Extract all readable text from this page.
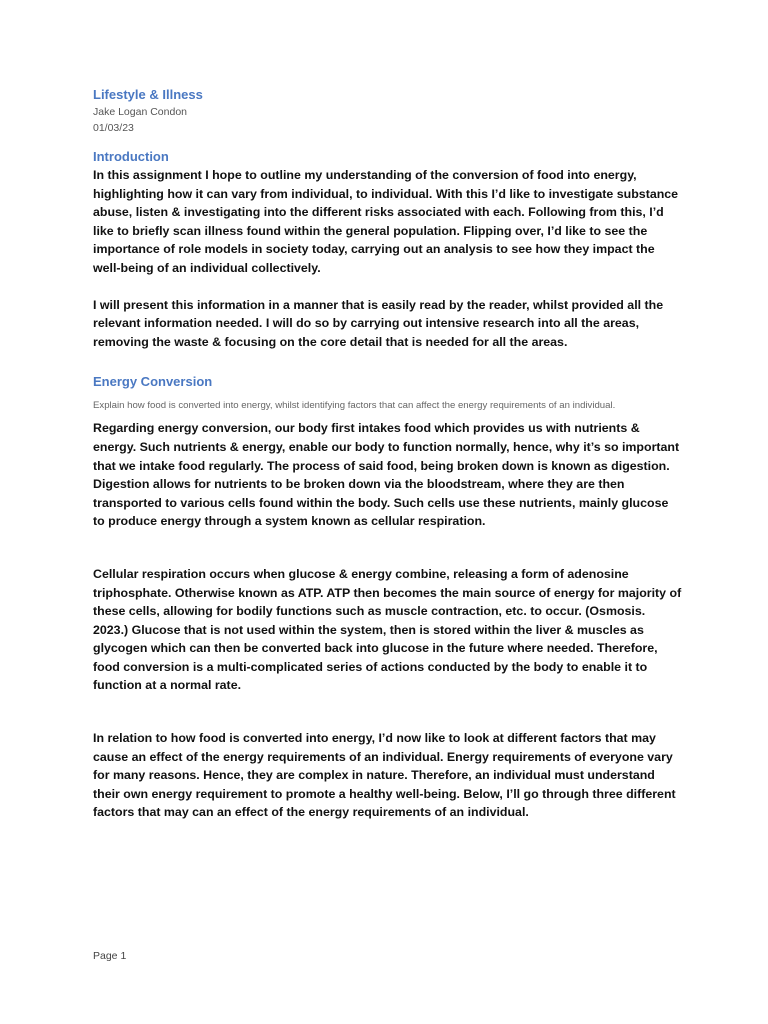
Lifestyle & Illness

Jake Logan Condon

01/03/23

Introduction

In this assignment I hope to outline my understanding of the conversion of food into energy, highlighting how it can vary from individual, to individual. With this I’d like to investigate substance abuse, listen & investigating into the different risks associated with each. Following from this, I’d like to briefly scan illness found within the general population. Flipping over, I’d like to see the importance of role models in society today, carrying out an analysis to see how they impact the well-being of an individual collectively.

I will present this information in a manner that is easily read by the reader, whilst provided all the relevant information needed. I will do so by carrying out intensive research into all the areas, removing the waste & focusing on the core detail that is needed for all the areas.

Energy Conversion

Explain how food is converted into energy, whilst identifying factors that can affect the energy requirements of an individual.

Regarding energy conversion, our body first intakes food which provides us with nutrients & energy. Such nutrients & energy, enable our body to function normally, hence, why it’s so important that we intake food regularly. The process of said food, being broken down is known as digestion. Digestion allows for nutrients to be broken down via the bloodstream, where they are then transported to various cells found within the body. Such cells use these nutrients, mainly glucose to produce energy through a system known as cellular respiration.

Cellular respiration occurs when glucose & energy combine, releasing a form of adenosine triphosphate. Otherwise known as ATP. ATP then becomes the main source of energy for majority of these cells, allowing for bodily functions such as muscle contraction, etc. to occur. (Osmosis. 2023.) Glucose that is not used within the system, then is stored within the liver & muscles as glycogen which can then be converted back into glucose in the future where needed. Therefore, food conversion is a multi-complicated series of actions conducted by the body to enable it to function at a normal rate.

In relation to how food is converted into energy, I’d now like to look at different factors that may cause an effect of the energy requirements of an individual. Energy requirements of everyone vary for many reasons. Hence, they are complex in nature. Therefore, an individual must understand their own energy requirement to promote a healthy well-being. Below, I’ll go through three different factors that may can an effect of the energy requirements of an individual.

Page 1
